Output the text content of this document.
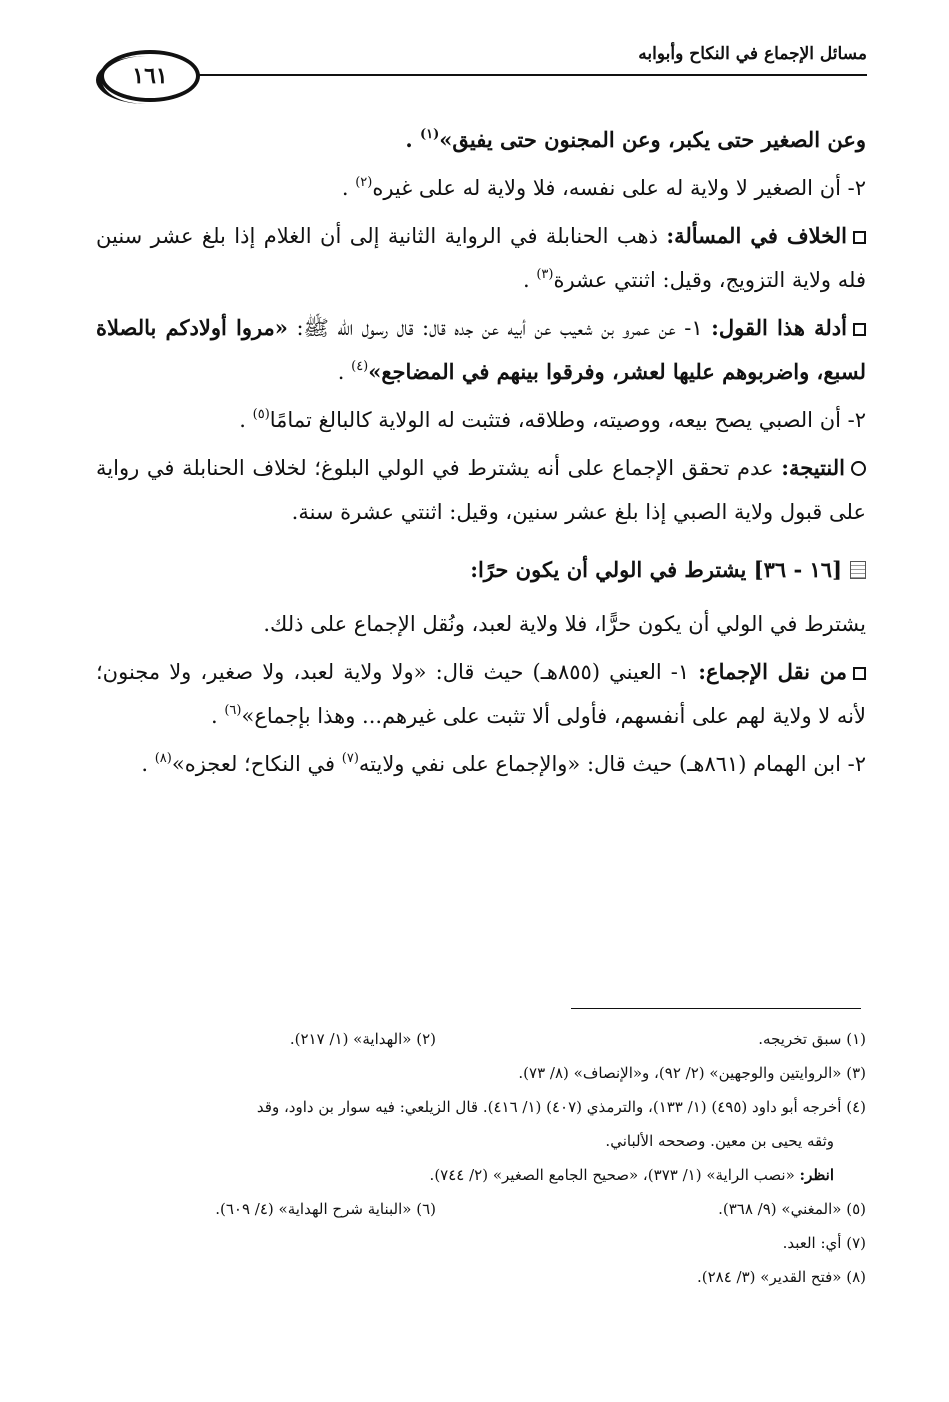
١٦١
مسائل الإجماع في النكاح وأبوابه

وعن الصغير حتى يكبر، وعن المجنون حتى يفيق»$^{(١)}$ .

٢- أن الصغير لا ولاية له على نفسه، فلا ولاية له على غيره$^{(٢)}$ .

الخلاف في المسألة: ذهب الحنابلة في الرواية الثانية إلى أن الغلام إذا بلغ عشر سنين فله ولاية التزويج، وقيل: اثنتي عشرة$^{(٣)}$ .

أدلة هذا القول: ١- عن عمرو بن شعيب عن أبيه عن جده قال: قال رسول الله ﷺ: «مروا أولادكم بالصلاة لسبع، واضربوهم عليها لعشر، وفرقوا بينهم في المضاجع»$^{(٤)}$ .

٢- أن الصبي يصح بيعه، ووصيته، وطلاقه، فتثبت له الولاية كالبالغ تمامًا$^{(٥)}$ .

النتيجة: عدم تحقق الإجماع على أنه يشترط في الولي البلوغ؛ لخلاف الحنابلة في رواية على قبول ولاية الصبي إذا بلغ عشر سنين، وقيل: اثنتي عشرة سنة.

[١٦ - ٣٦] يشترط في الولي أن يكون حرًا:

يشترط في الولي أن يكون حرًّا، فلا ولاية لعبد، ونُقل الإجماع على ذلك.

من نقل الإجماع: ١- العيني (٨٥٥هـ) حيث قال: «ولا ولاية لعبد، ولا صغير، ولا مجنون؛ لأنه لا ولاية لهم على أنفسهم، فأولى ألا تثبت على غيرهم... وهذا بإجماع»$^{(٦)}$ .

٢- ابن الهمام (٨٦١هـ) حيث قال: «والإجماع على نفي ولايته$^{(٧)}$ في النكاح؛ لعجزه»$^{(٨)}$ .

(١) سبق تخريجه.
(٢) «الهداية» (١/ ٢١٧).
(٣) «الروايتين والوجهين» (٢/ ٩٢)، و«الإنصاف» (٨/ ٧٣).
(٤) أخرجه أبو داود (٤٩٥) (١/ ١٣٣)، والترمذي (٤٠٧) (١/ ٤١٦). قال الزيلعي: فيه سوار بن داود، وقد
وثقه يحيى بن معين. وصححه الألباني.
انظر: «نصب الراية» (١/ ٣٧٣)، «صحيح الجامع الصغير» (٢/ ٧٤٤).
(٥) «المغني» (٩/ ٣٦٨).
(٦) «البناية شرح الهداية» (٤/ ٦٠٩).
(٧) أي: العبد.
(٨) «فتح القدير» (٣/ ٢٨٤).
